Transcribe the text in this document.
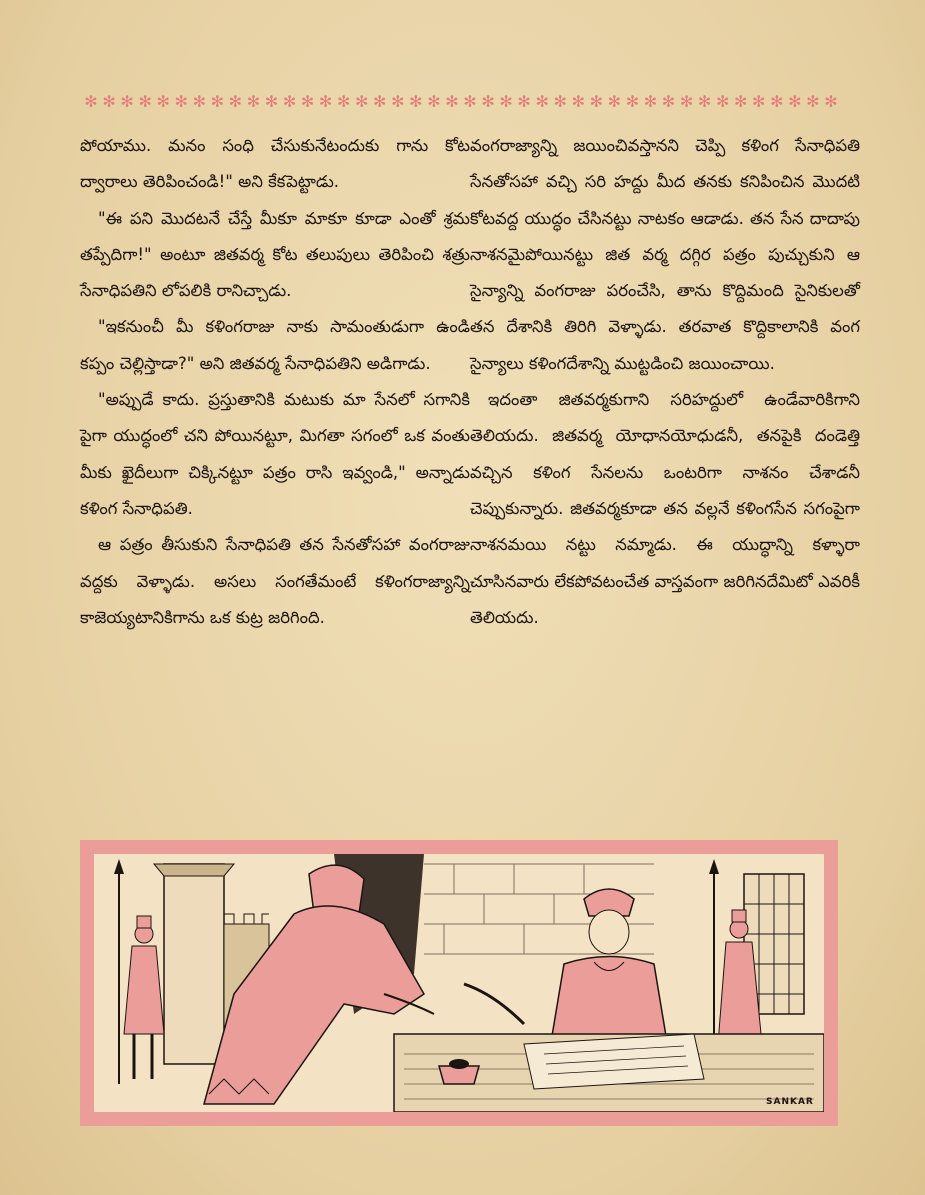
✻ ✻ ✻ ✻ ✻ ✻ ✻ ✻ ✻ ✻ ✻ ✻ ✻ ✻ ✻ ✻ ✻ ✻ ✻ ✻ ✻ ✻ ✻ ✻ ✻ ✻ ✻ ✻ ✻ ✻ ✻ ✻ ✻ ✻ ✻ ✻ ✻ ✻ ✻ ✻ ✻ ✻

పోయాము. మనం సంధి చేసుకునేటందుకు గాను కోట ద్వారాలు తెరిపించండి!" అని కేకపెట్టాడు.

"ఈ పని మొదటనే చేస్తే మీకూ మాకూ కూడా ఎంతో శ్రమ తప్పేదిగా!" అంటూ జితవర్మ కోట తలుపులు తెరిపించి శత్రు సేనాధిపతిని లోపలికి రానిచ్చాడు.

"ఇకనుంచీ మీ కళింగరాజు నాకు సామంతుడుగా ఉండి కప్పం చెల్లిస్తాడా?" అని జితవర్మ సేనాధిపతిని అడిగాడు.

"అప్పుడే కాదు. ప్రస్తుతానికి మటుకు మా సేనలో సగానికి పైగా యుద్ధంలో చని పోయినట్టూ, మిగతా సగంలో ఒక వంతు మీకు ఖైదీలుగా చిక్కినట్టూ పత్రం రాసి ఇవ్వండి," అన్నాడు కళింగ సేనాధిపతి.

ఆ పత్రం తీసుకుని సేనాధిపతి తన సేనతోసహా వంగరాజు వద్దకు వెళ్ళాడు. అసలు సంగతేమంటే కళింగరాజ్యాన్ని కాజెయ్యటానికిగాను ఒక కుట్ర జరిగింది.

వంగరాజ్యాన్ని జయించివస్తానని చెప్పి కళింగ సేనాధిపతి సేనతోసహా వచ్చి సరి హద్దు మీద తనకు కనిపించిన మొదటి కోటవద్ద యుద్ధం చేసినట్టు నాటకం ఆడాడు. తన సేన దాదాపు నాశనమైపోయినట్టు జిత వర్మ దగ్గిర పత్రం పుచ్చుకుని ఆ సైన్యాన్ని వంగరాజు పరంచేసి, తాను కొద్దిమంది సైనికులతో తన దేశానికి తిరిగి వెళ్ళాడు. తరవాత కొద్దికాలానికి వంగ సైన్యాలు కళింగదేశాన్ని ముట్టడించి జయించాయి.

ఇదంతా జితవర్మకుగాని సరిహద్దులో ఉండేవారికిగాని తెలియదు. జితవర్మ యోధానయోధుడనీ, తనపైకి దండెత్తి వచ్చిన కళింగ సేనలను ఒంటరిగా నాశనం చేశాడనీ చెప్పుకున్నారు. జితవర్మకూడా తన వల్లనే కళింగసేన సగంపైగా నాశనమయి నట్టు నమ్మాడు. ఈ యుద్ధాన్ని కళ్ళారా చూసినవారు లేకపోవటంచేత వాస్తవంగా జరిగినదేమిటో ఎవరికీ తెలియదు.

SANKAR
